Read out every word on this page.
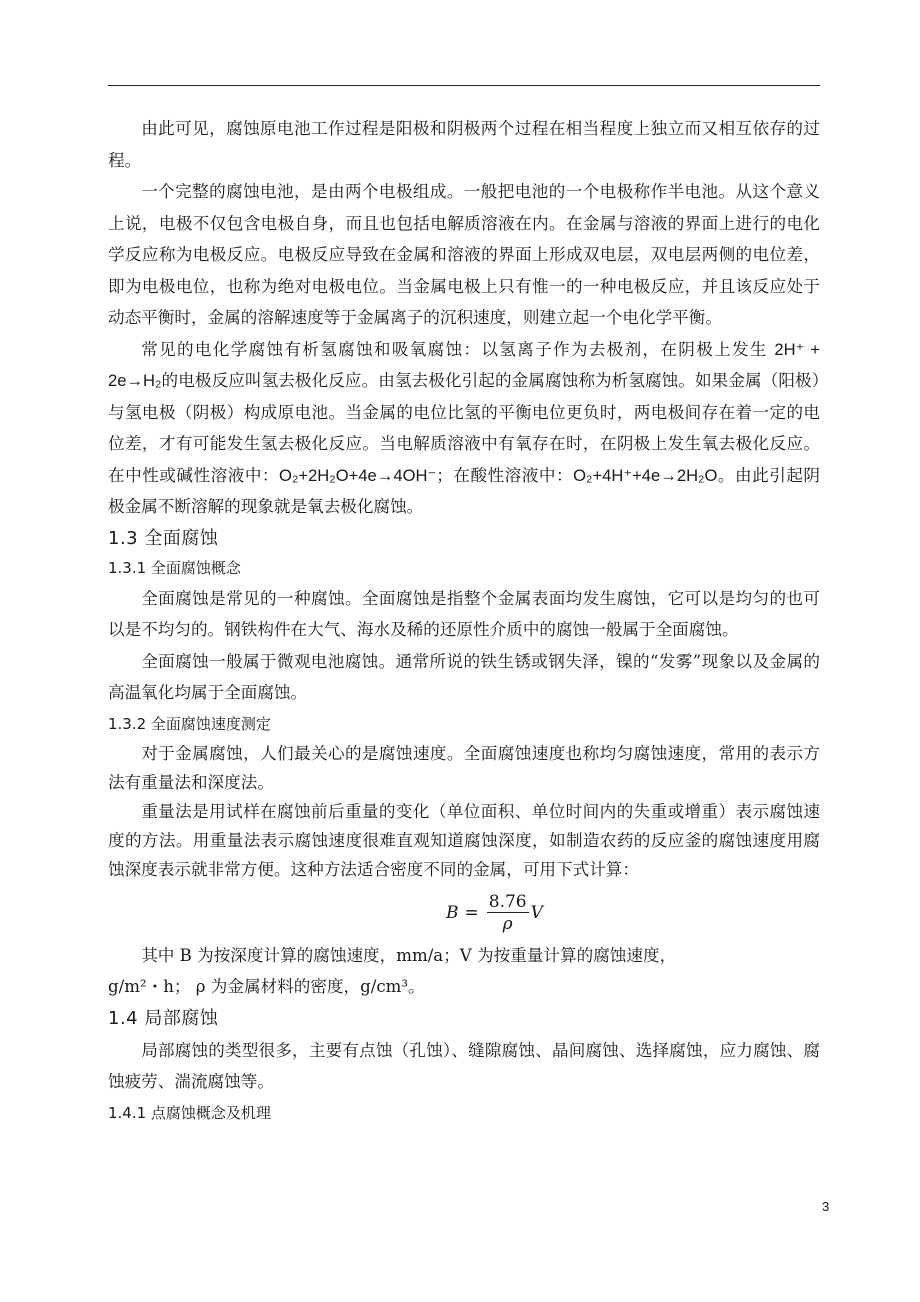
由此可见，腐蚀原电池工作过程是阳极和阴极两个过程在相当程度上独立而又相互依存的过程。

一个完整的腐蚀电池，是由两个电极组成。一般把电池的一个电极称作半电池。从这个意义上说，电极不仅包含电极自身，而且也包括电解质溶液在内。在金属与溶液的界面上进行的电化学反应称为电极反应。电极反应导致在金属和溶液的界面上形成双电层，双电层两侧的电位差，即为电极电位，也称为绝对电极电位。当金属电极上只有惟一的一种电极反应，并且该反应处于动态平衡时，金属的溶解速度等于金属离子的沉积速度，则建立起一个电化学平衡。

常见的电化学腐蚀有析氢腐蚀和吸氧腐蚀：以氢离子作为去极剂，在阴极上发生 2H⁺ + 2e→H₂的电极反应叫氢去极化反应。由氢去极化引起的金属腐蚀称为析氢腐蚀。如果金属（阳极）与氢电极（阴极）构成原电池。当金属的电位比氢的平衡电位更负时，两电极间存在着一定的电位差，才有可能发生氢去极化反应。当电解质溶液中有氧存在时，在阴极上发生氧去极化反应。在中性或碱性溶液中：O₂+2H₂O+4e→4OH⁻；在酸性溶液中：O₂+4H⁺+4e→2H₂O。由此引起阴极金属不断溶解的现象就是氧去极化腐蚀。

1.3 全面腐蚀
1.3.1 全面腐蚀概念

全面腐蚀是常见的一种腐蚀。全面腐蚀是指整个金属表面均发生腐蚀，它可以是均匀的也可以是不均匀的。钢铁构件在大气、海水及稀的还原性介质中的腐蚀一般属于全面腐蚀。

全面腐蚀一般属于微观电池腐蚀。通常所说的铁生锈或钢失泽，镍的“发雾”现象以及金属的高温氧化均属于全面腐蚀。

1.3.2 全面腐蚀速度测定

对于金属腐蚀，人们最关心的是腐蚀速度。全面腐蚀速度也称均匀腐蚀速度，常用的表示方法有重量法和深度法。

重量法是用试样在腐蚀前后重量的变化（单位面积、单位时间内的失重或增重）表示腐蚀速度的方法。用重量法表示腐蚀速度很难直观知道腐蚀深度，如制造农药的反应釜的腐蚀速度用腐蚀深度表示就非常方便。这种方法适合密度不同的金属，可用下式计算：

$B = \frac{8.76}{\rho}$ V

其中 B 为按深度计算的腐蚀速度，mm/a；V 为按重量计算的腐蚀速度，

g/m²・h； ρ 为金属材料的密度，g/cm³。

1.4 局部腐蚀

局部腐蚀的类型很多，主要有点蚀（孔蚀）、缝隙腐蚀、晶间腐蚀、选择腐蚀，应力腐蚀、腐蚀疲劳、湍流腐蚀等。

1.4.1 点腐蚀概念及机理
3
